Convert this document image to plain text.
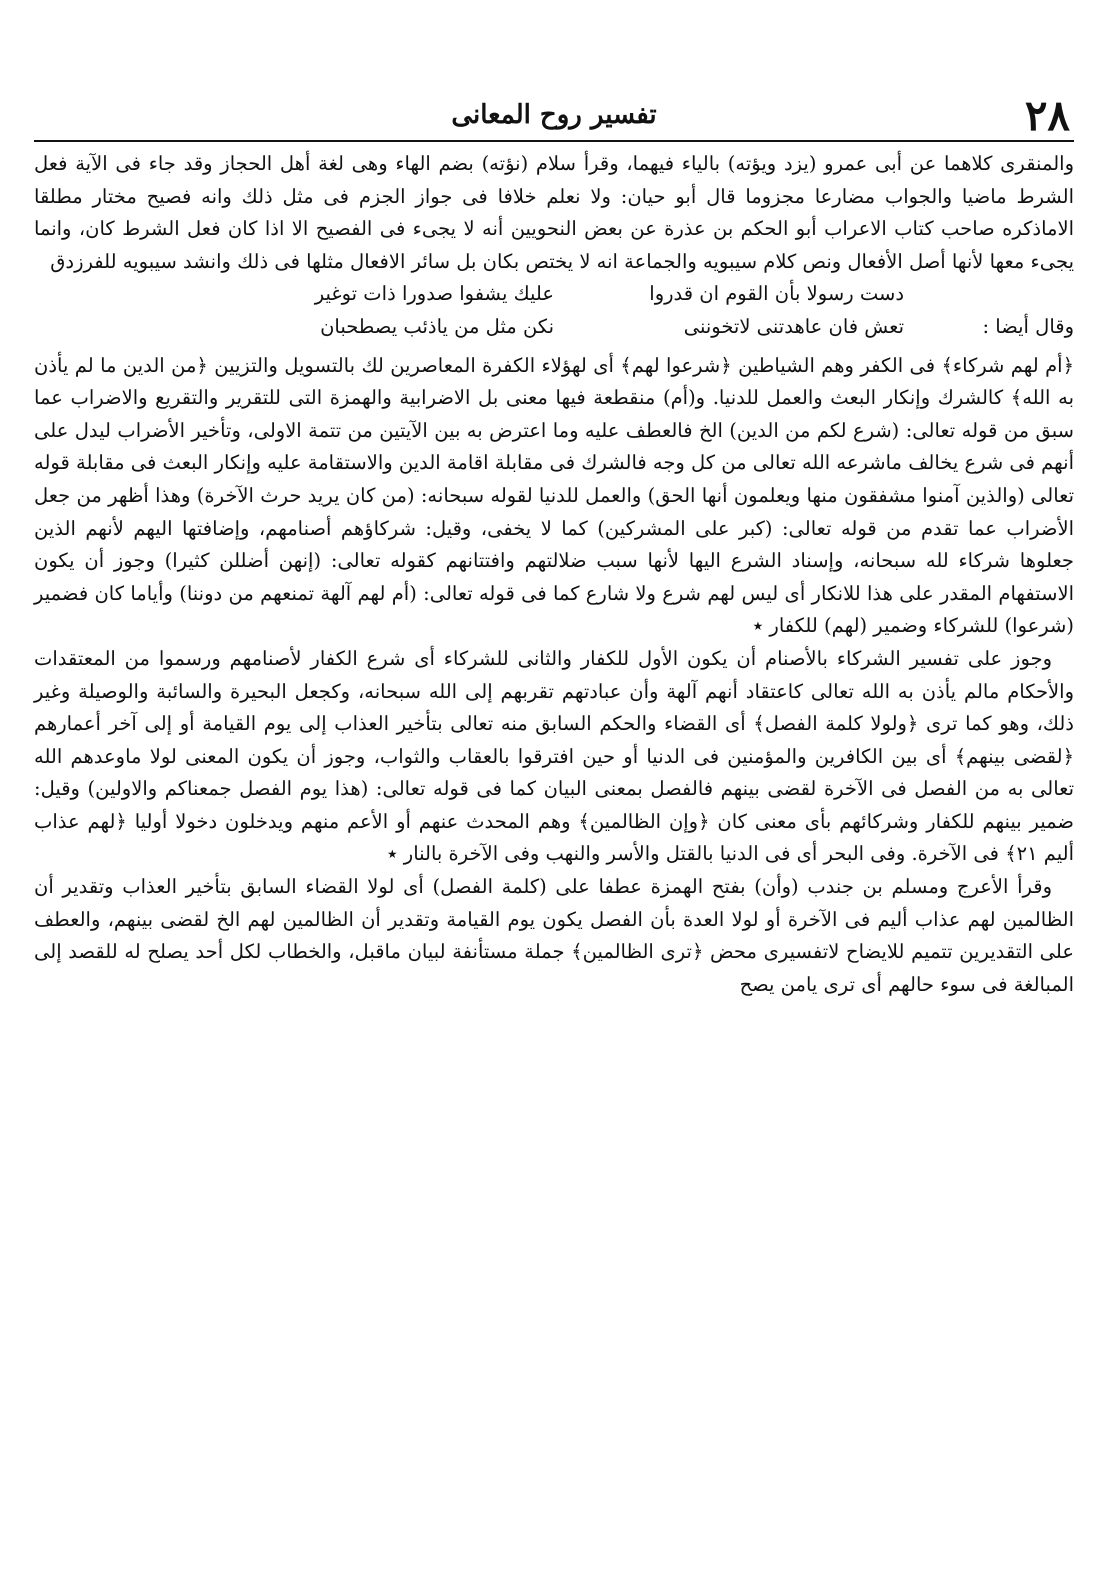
٢٨
تفسير روح المعانى

والمنقرى كلاهما عن أبى عمرو (يزد ويؤته) بالياء فيهما، وقرأ سلام (نؤته) بضم الهاء وهى لغة أهل الحجاز وقد جاء فى الآية فعل الشرط ماضيا والجواب مضارعا مجزوما قال أبو حيان: ولا نعلم خلافا فى جواز الجزم فى مثل ذلك وانه فصيح مختار مطلقا الاماذكره صاحب كتاب الاعراب أبو الحكم بن عذرة عن بعض النحويين أنه لا يجىء فى الفصيح الا اذا كان فعل الشرط كان، وانما يجىء معها لأنها أصل الأفعال ونص كلام سيبويه والجماعة انه لا يختص بكان بل سائر الافعال مثلها فى ذلك وانشد سيبويه للفرزدق

دست رسولا بأن القوم ان قدروا
عليك يشفوا صدورا ذات توغير
وقال أيضا :
تعش فان عاهدتنى لاتخوننى
نكن مثل من ياذئب يصطحبان

﴿أم لهم شركاء﴾ فى الكفر وهم الشياطين ﴿شرعوا لهم﴾ أى لهؤلاء الكفرة المعاصرين لك بالتسويل والتزيين ﴿من الدين ما لم يأذن به الله﴾ كالشرك وإنكار البعث والعمل للدنيا. و(أم) منقطعة فيها معنى بل الاضرابية والهمزة التى للتقرير والتقريع والاضراب عما سبق من قوله تعالى: (شرع لكم من الدين) الخ فالعطف عليه وما اعترض به بين الآيتين من تتمة الاولى، وتأخير الأضراب ليدل على أنهم فى شرع يخالف ماشرعه الله تعالى من كل وجه فالشرك فى مقابلة اقامة الدين والاستقامة عليه وإنكار البعث فى مقابلة قوله تعالى (والذين آمنوا مشفقون منها ويعلمون أنها الحق) والعمل للدنيا لقوله سبحانه: (من كان يريد حرث الآخرة) وهذا أظهر من جعل الأضراب عما تقدم من قوله تعالى: (كبر على المشركين) كما لا يخفى، وقيل: شركاؤهم أصنامهم، وإضافتها اليهم لأنهم الذين جعلوها شركاء لله سبحانه، وإسناد الشرع اليها لأنها سبب ضلالتهم وافتتانهم كقوله تعالى: (إنهن أضللن كثيرا) وجوز أن يكون الاستفهام المقدر على هذا للانكار أى ليس لهم شرع ولا شارع كما فى قوله تعالى: (أم لهم آلهة تمنعهم من دوننا) وأياما كان فضمير (شرعوا) للشركاء وضمير (لهم) للكفار ٭

وجوز على تفسير الشركاء بالأصنام أن يكون الأول للكفار والثانى للشركاء أى شرع الكفار لأصنامهم ورسموا من المعتقدات والأحكام مالم يأذن به الله تعالى كاعتقاد أنهم آلهة وأن عبادتهم تقربهم إلى الله سبحانه، وكجعل البحيرة والسائبة والوصيلة وغير ذلك، وهو كما ترى ﴿ولولا كلمة الفصل﴾ أى القضاء والحكم السابق منه تعالى بتأخير العذاب إلى يوم القيامة أو إلى آخر أعمارهم ﴿لقضى بينهم﴾ أى بين الكافرين والمؤمنين فى الدنيا أو حين افترقوا بالعقاب والثواب، وجوز أن يكون المعنى لولا ماوعدهم الله تعالى به من الفصل فى الآخرة لقضى بينهم فالفصل بمعنى البيان كما فى قوله تعالى: (هذا يوم الفصل جمعناكم والاولين) وقيل: ضمير بينهم للكفار وشركائهم بأى معنى كان ﴿وإن الظالمين﴾ وهم المحدث عنهم أو الأعم منهم ويدخلون دخولا أوليا ﴿لهم عذاب أليم ٢١﴾ فى الآخرة. وفى البحر أى فى الدنيا بالقتل والأسر والنهب وفى الآخرة بالنار ٭

وقرأ الأعرج ومسلم بن جندب (وأن) بفتح الهمزة عطفا على (كلمة الفصل) أى لولا القضاء السابق بتأخير العذاب وتقدير أن الظالمين لهم عذاب أليم فى الآخرة أو لولا العدة بأن الفصل يكون يوم القيامة وتقدير أن الظالمين لهم الخ لقضى بينهم، والعطف على التقديرين تتميم للايضاح لاتفسيرى محض ﴿ترى الظالمين﴾ جملة مستأنفة لبيان ماقبل، والخطاب لكل أحد يصلح له للقصد إلى المبالغة فى سوء حالهم أى ترى يامن يصح
